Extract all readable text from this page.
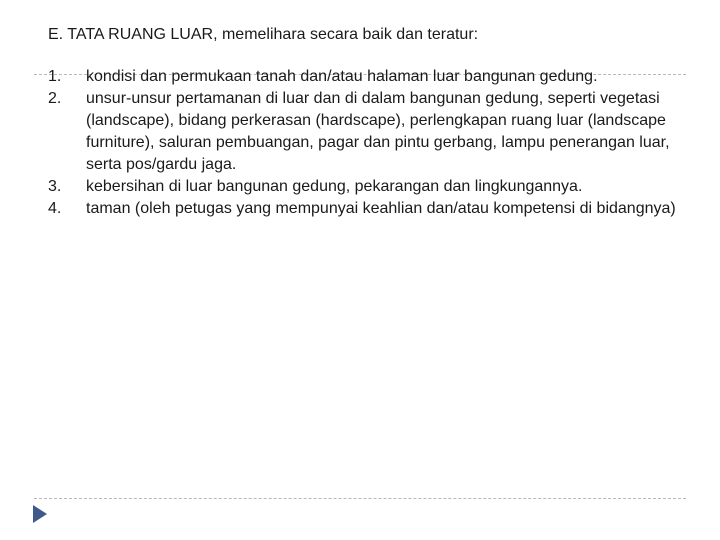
E. TATA RUANG LUAR, memelihara secara baik dan teratur:
1.	kondisi dan permukaan tanah dan/atau halaman luar bangunan gedung.
2.	unsur-unsur pertamanan di luar dan di dalam bangunan gedung, seperti vegetasi (landscape), bidang perkerasan (hardscape), perlengkapan ruang luar (landscape furniture), saluran pembuangan, pagar dan pintu gerbang, lampu penerangan luar, serta pos/gardu jaga.
3.	kebersihan di luar bangunan gedung, pekarangan dan lingkungannya.
4.	taman (oleh petugas yang mempunyai keahlian dan/atau kompetensi di bidangnya)
